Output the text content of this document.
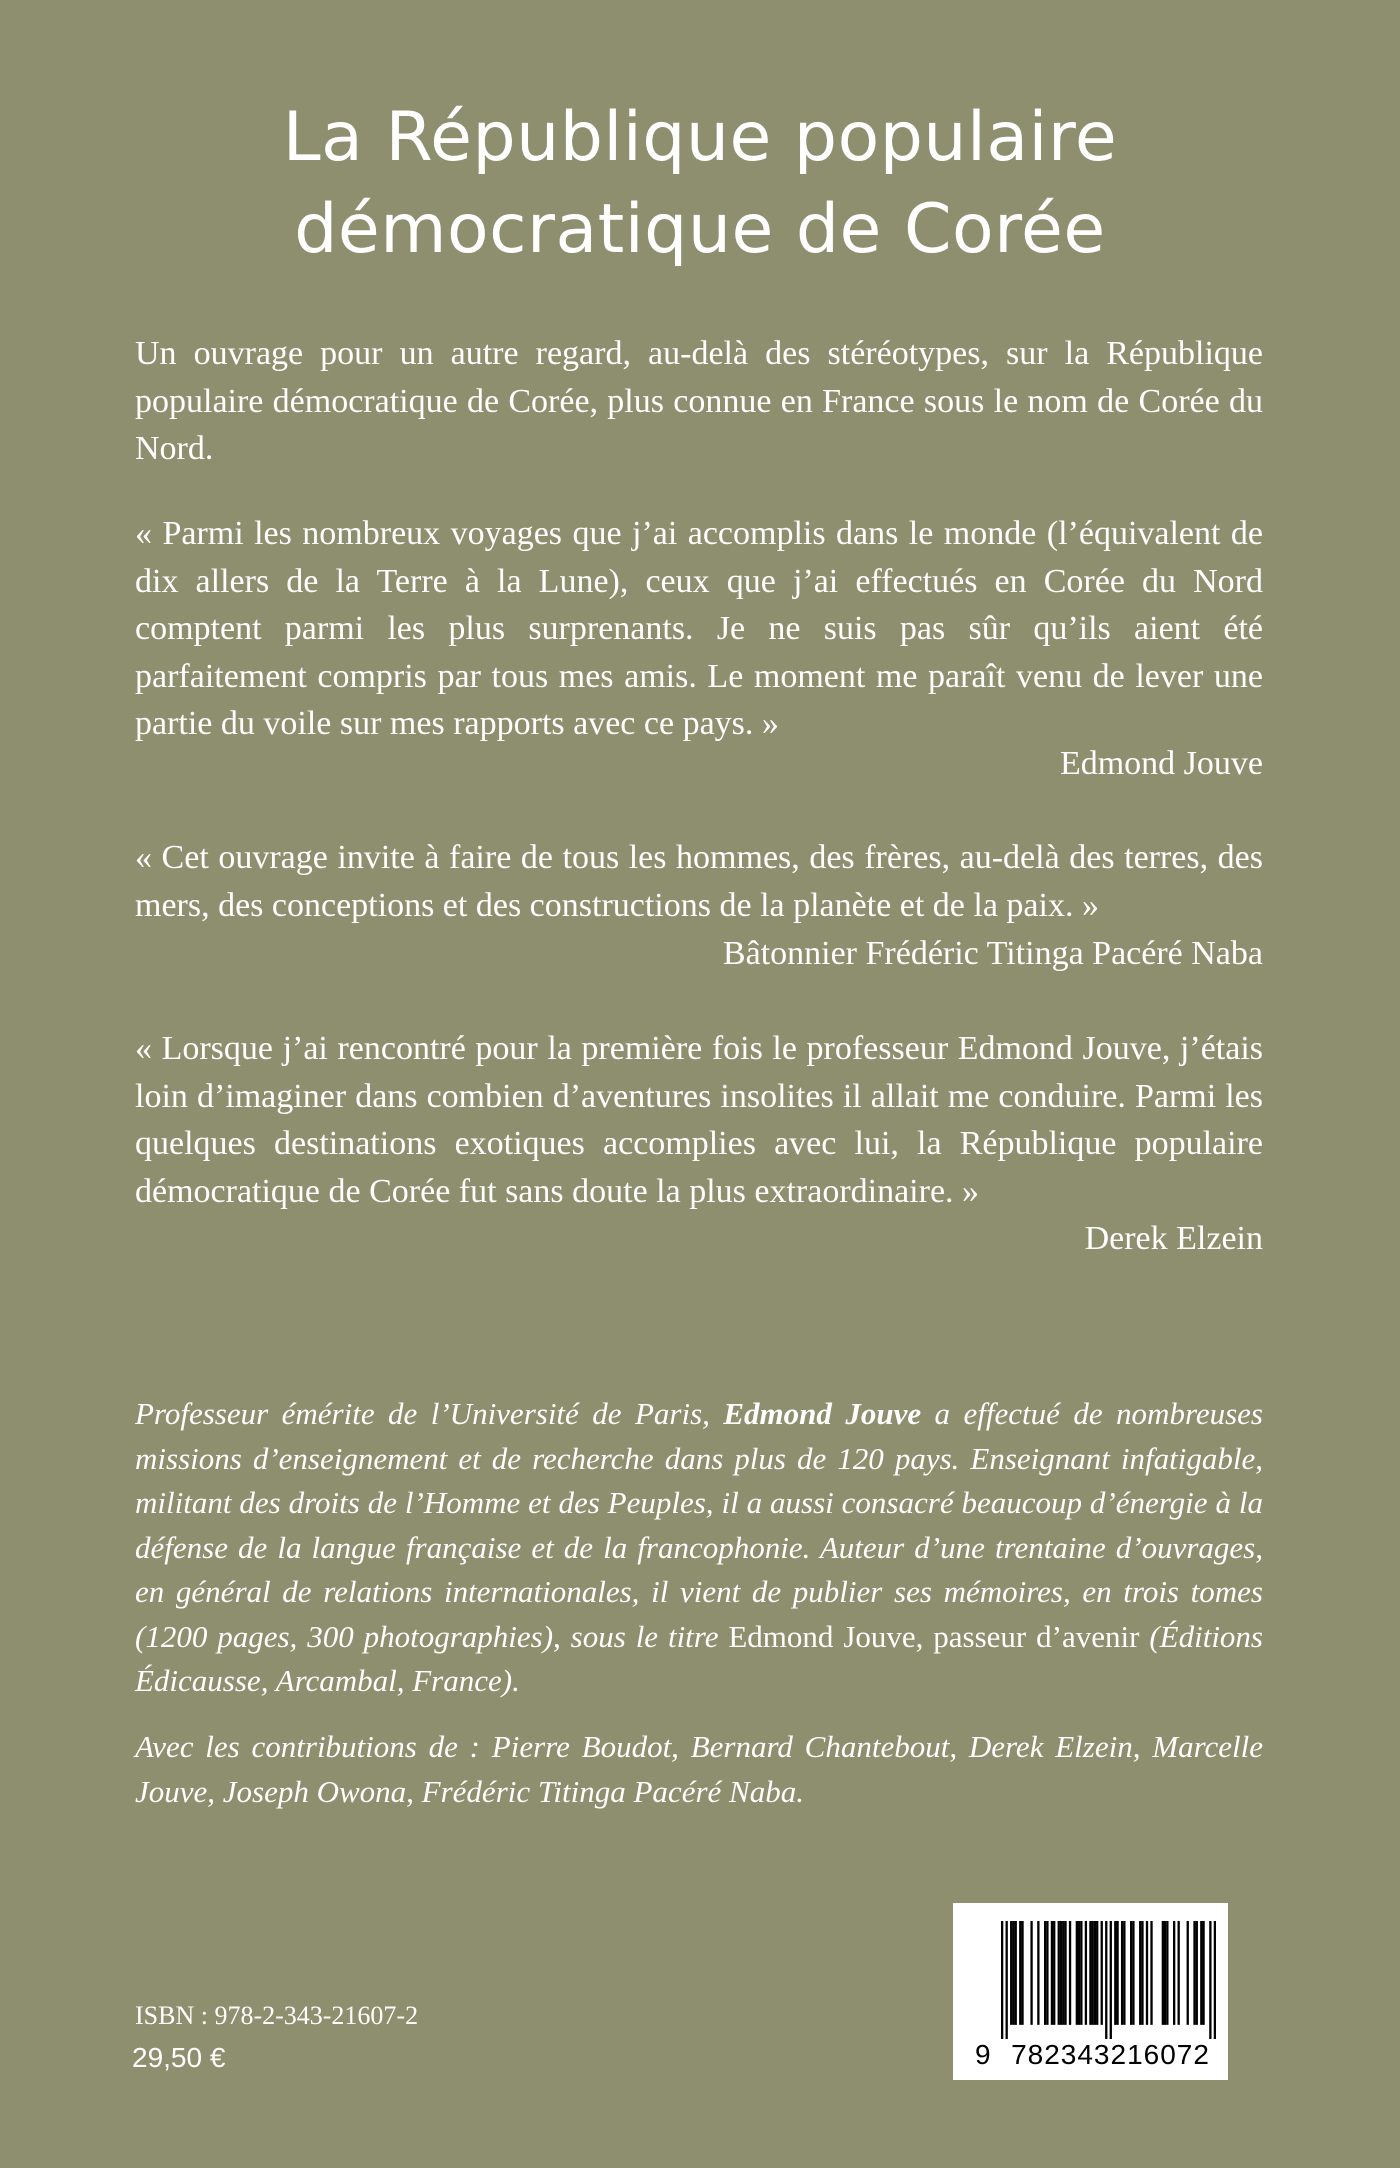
La République populaire
démocratique de Corée

Un ouvrage pour un autre regard, au-delà des stéréotypes, sur la République populaire démocratique de Corée, plus connue en France sous le nom de Corée du Nord.

« Parmi les nombreux voyages que j’ai accomplis dans le monde (l’équivalent de dix allers de la Terre à la Lune), ceux que j’ai effectués en Corée du Nord comptent parmi les plus surprenants. Je ne suis pas sûr qu’ils aient été parfaitement compris par tous mes amis. Le moment me paraît venu de lever une partie du voile sur mes rapports avec ce pays. »

Edmond Jouve

« Cet ouvrage invite à faire de tous les hommes, des frères, au-delà des terres, des mers, des conceptions et des constructions de la planète et de la paix. »

Bâtonnier Frédéric Titinga Pacéré Naba

« Lorsque j’ai rencontré pour la première fois le professeur Edmond Jouve, j’étais loin d’imaginer dans combien d’aventures insolites il allait me conduire. Parmi les quelques destinations exotiques accomplies avec lui, la République populaire démocratique de Corée fut sans doute la plus extraordinaire. »

Derek Elzein

Professeur émérite de l’Université de Paris, Edmond Jouve a effectué de nombreuses missions d’enseignement et de recherche dans plus de 120 pays. Enseignant infatigable, militant des droits de l’Homme et des Peuples, il a aussi consacré beaucoup d’énergie à la défense de la langue française et de la francophonie. Auteur d’une trentaine d’ouvrages, en général de relations internationales, il vient de publier ses mémoires, en trois tomes (1200 pages, 300 photographies), sous le titre Edmond Jouve, passeur d’avenir (Éditions Édicausse, Arcambal, France).

Avec les contributions de : Pierre Boudot, Bernard Chantebout, Derek Elzein, Marcelle Jouve, Joseph Owona, Frédéric Titinga Pacéré Naba.

ISBN : 978-2-343-21607-2

29,50 €	9 782343216072
